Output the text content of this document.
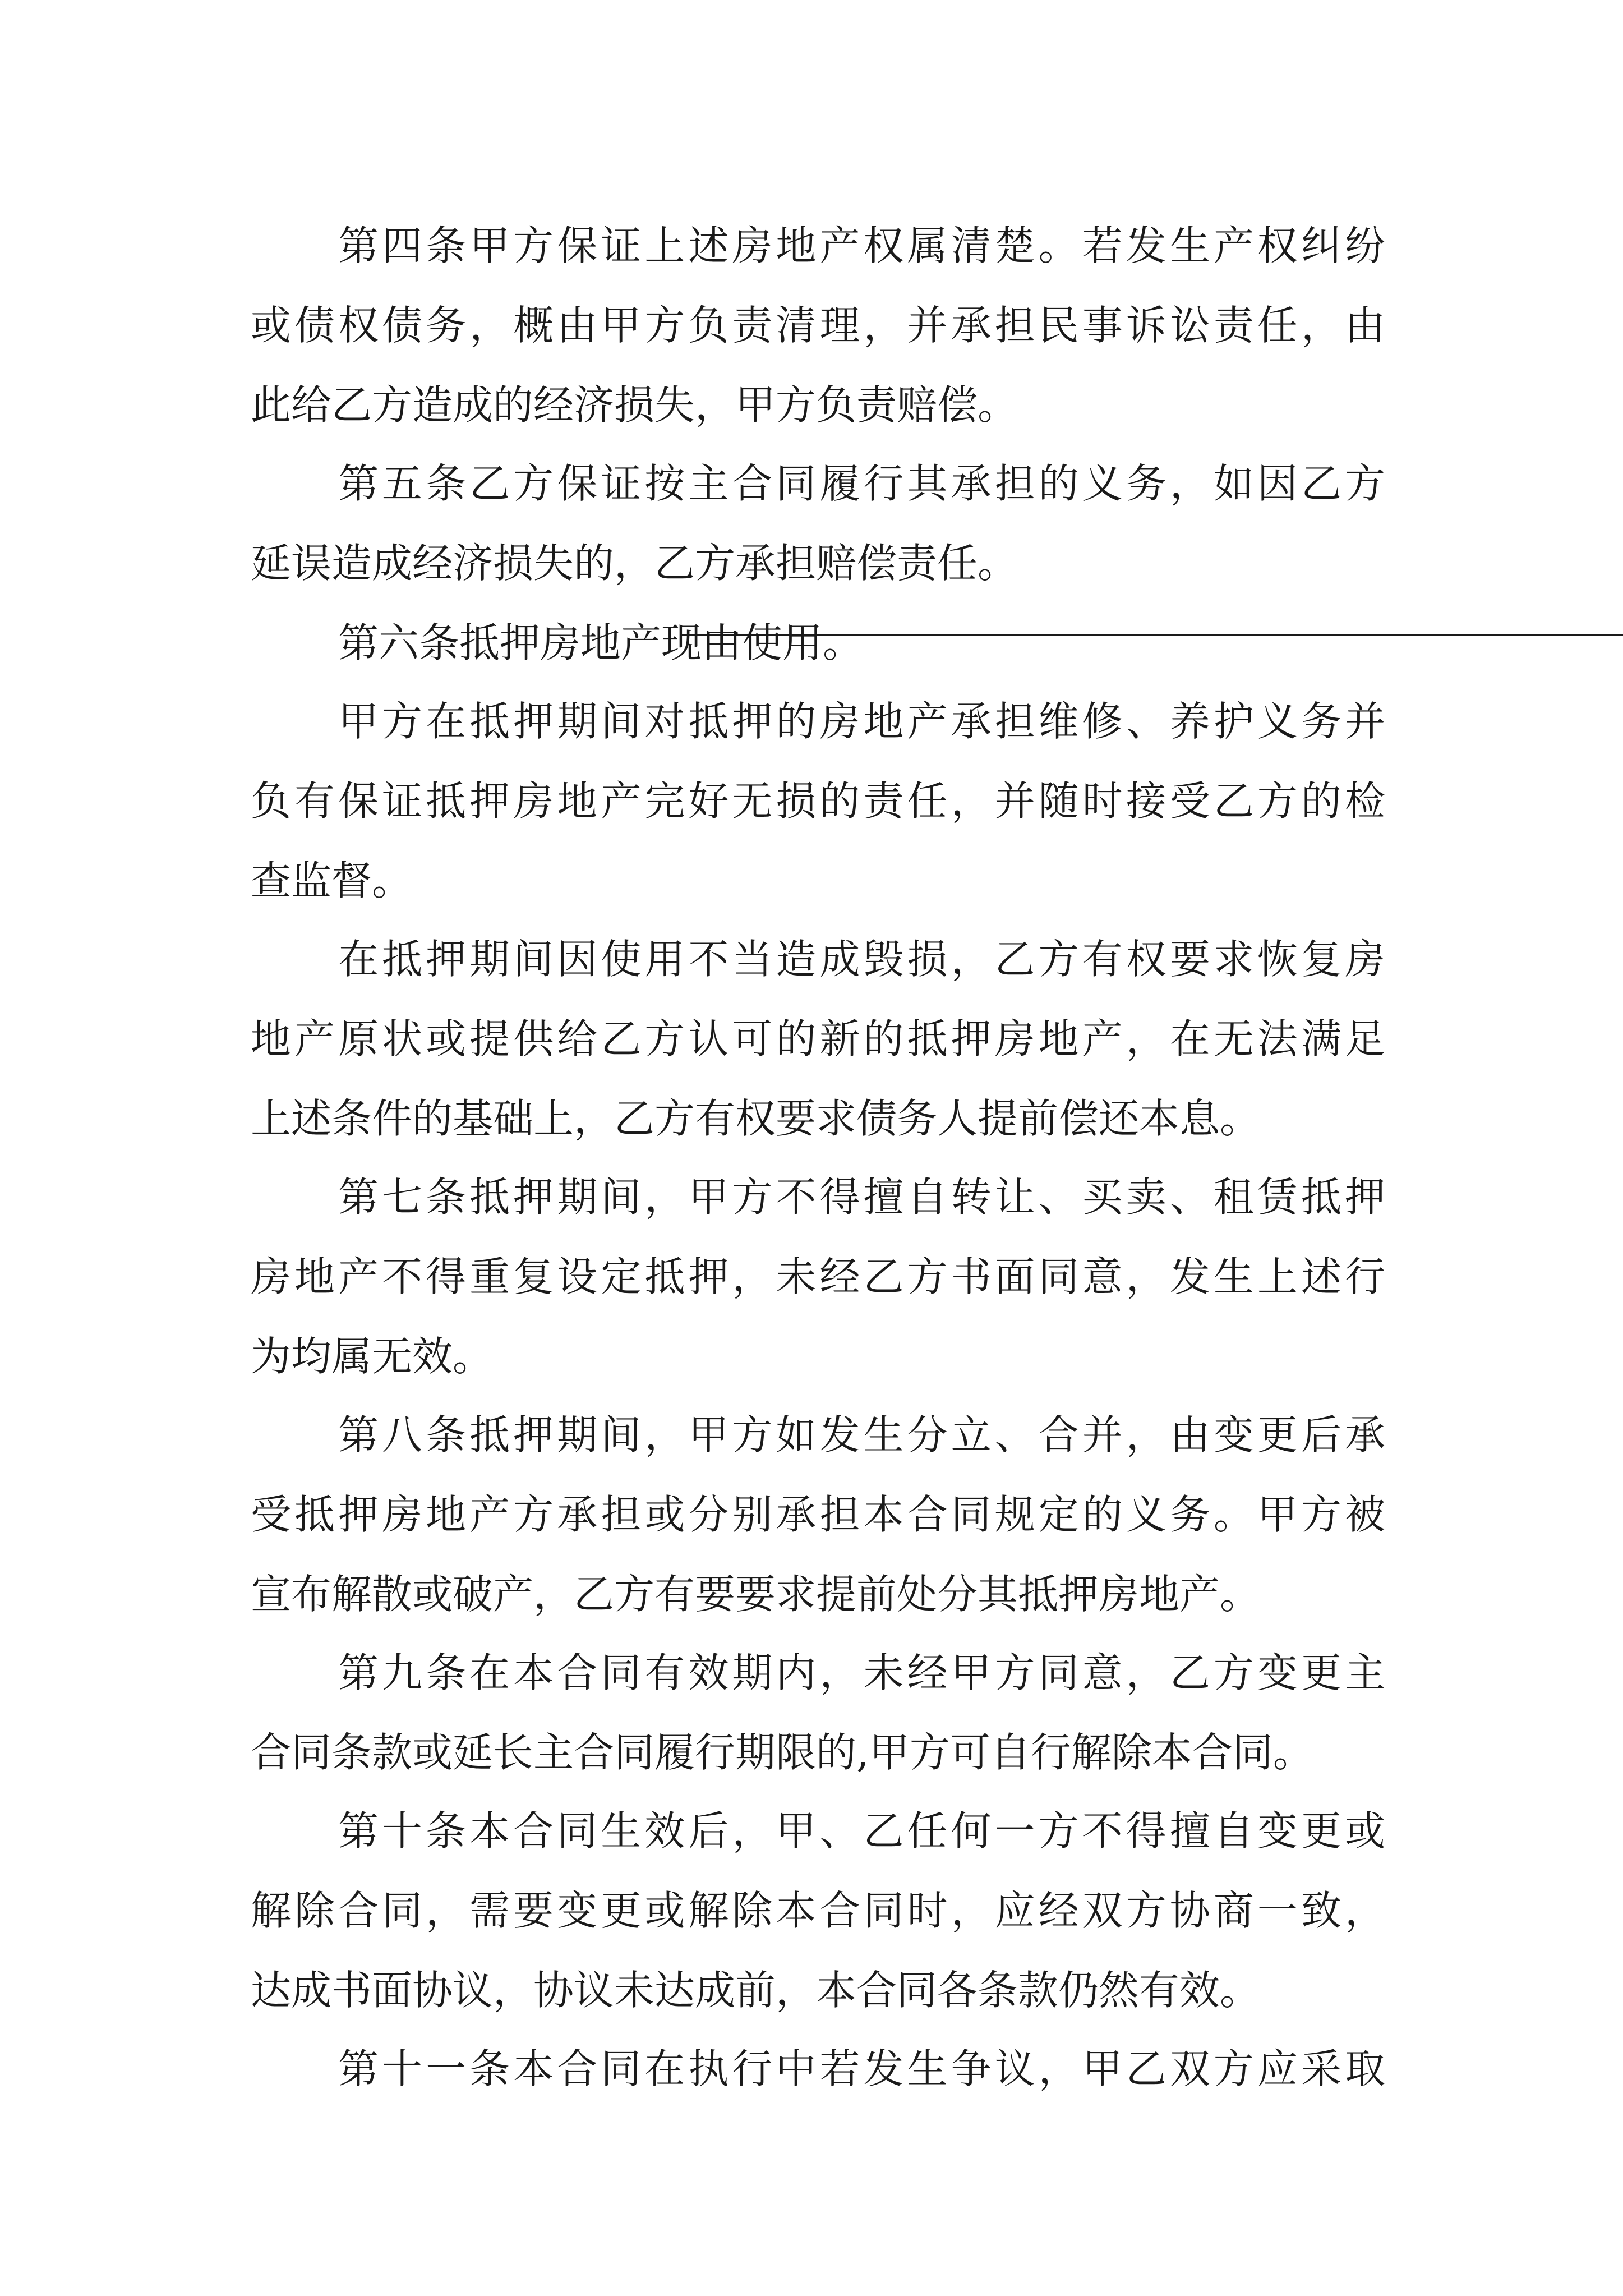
第四条甲方保证上述房地产权属清楚。若发生产权纠纷
或债权债务，概由甲方负责清理，并承担民事诉讼责任，由
此给乙方造成的经济损失，甲方负责赔偿。
第五条乙方保证按主合同履行其承担的义务，如因乙方
延误造成经济损失的，乙方承担赔偿责任。
第六条抵押房地产现由
使用。
甲方在抵押期间对抵押的房地产承担维修、养护义务并
负有保证抵押房地产完好无损的责任，并随时接受乙方的检
查监督。
在抵押期间因使用不当造成毁损，乙方有权要求恢复房
地产原状或提供给乙方认可的新的抵押房地产，在无法满足
上述条件的基础上，乙方有权要求债务人提前偿还本息。
第七条抵押期间，甲方不得擅自转让、买卖、租赁抵押
房地产不得重复设定抵押，未经乙方书面同意，发生上述行
为均属无效。
第八条抵押期间，甲方如发生分立、合并，由变更后承
受抵押房地产方承担或分别承担本合同规定的义务。甲方被
宣布解散或破产，乙方有要要求提前处分其抵押房地产。
第九条在本合同有效期内，未经甲方同意，乙方变更主
合同条款或延长主合同履行期限的,甲方可自行解除本合同。
第十条本合同生效后，甲、乙任何一方不得擅自变更或
解除合同，需要变更或解除本合同时，应经双方协商一致，
达成书面协议，协议未达成前，本合同各条款仍然有效。
第十一条本合同在执行中若发生争议，甲乙双方应采取
